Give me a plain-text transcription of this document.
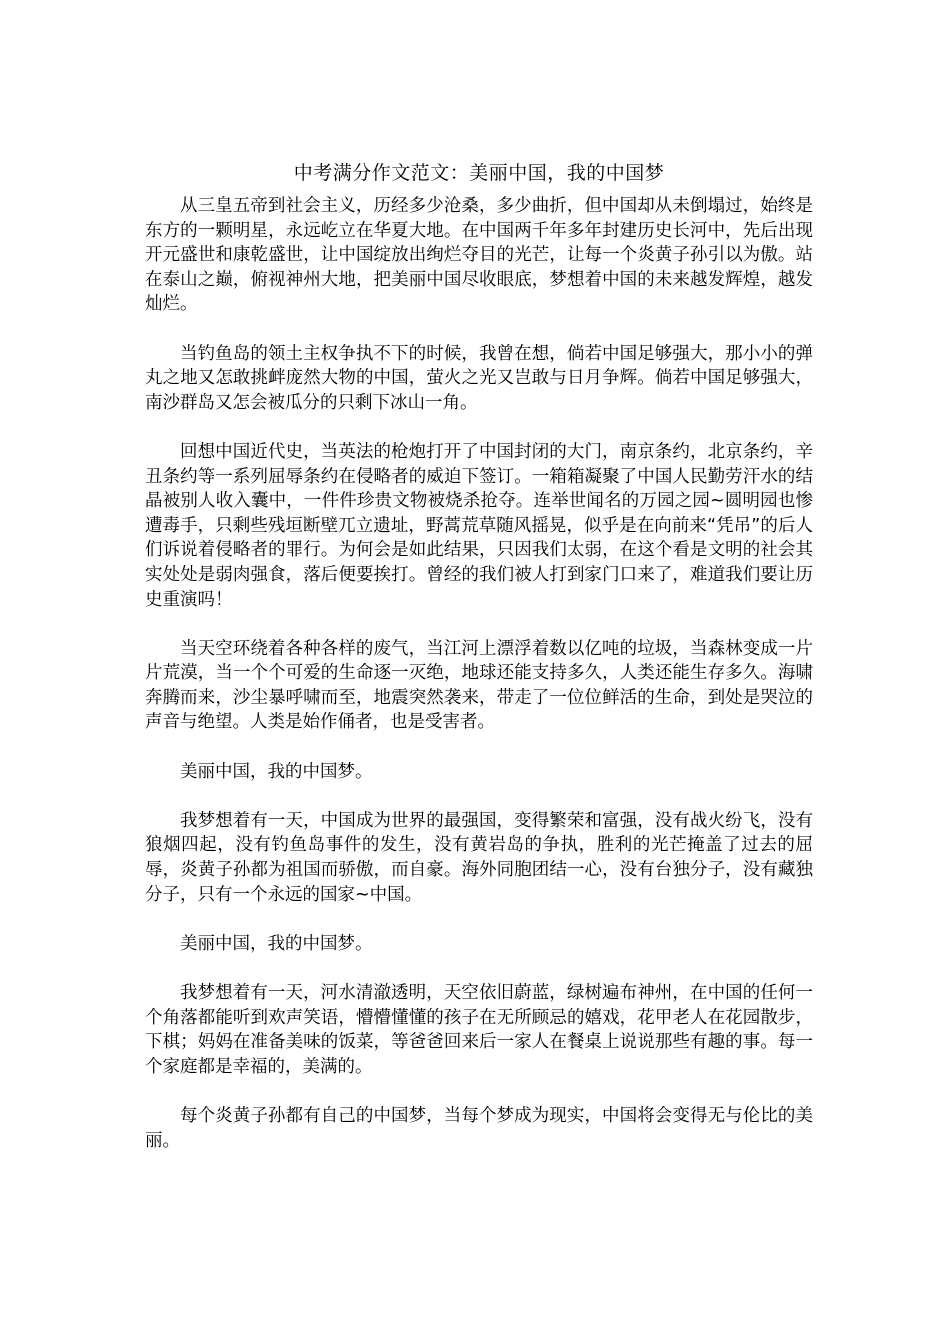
中考满分作文范文：美丽中国，我的中国梦

从三皇五帝到社会主义，历经多少沧桑，多少曲折，但中国却从未倒塌过，始终是东方的一颗明星，永远屹立在华夏大地。在中国两千年多年封建历史长河中，先后出现开元盛世和康乾盛世，让中国绽放出绚烂夺目的光芒，让每一个炎黄子孙引以为傲。站在泰山之巅，俯视神州大地，把美丽中国尽收眼底，梦想着中国的未来越发辉煌，越发灿烂。

当钓鱼岛的领土主权争执不下的时候，我曾在想，倘若中国足够强大，那小小的弹丸之地又怎敢挑衅庞然大物的中国，萤火之光又岂敢与日月争辉。倘若中国足够强大，南沙群岛又怎会被瓜分的只剩下冰山一角。

回想中国近代史，当英法的枪炮打开了中国封闭的大门，南京条约，北京条约，辛丑条约等一系列屈辱条约在侵略者的威迫下签订。一箱箱凝聚了中国人民勤劳汗水的结晶被别人收入囊中，一件件珍贵文物被烧杀抢夺。连举世闻名的万园之园~圆明园也惨遭毒手，只剩些残垣断壁兀立遗址，野蒿荒草随风摇晃，似乎是在向前来“凭吊”的后人们诉说着侵略者的罪行。为何会是如此结果，只因我们太弱，在这个看是文明的社会其实处处是弱肉强食，落后便要挨打。曾经的我们被人打到家门口来了，难道我们要让历史重演吗！

当天空环绕着各种各样的废气，当江河上漂浮着数以亿吨的垃圾，当森林变成一片片荒漠，当一个个可爱的生命逐一灭绝，地球还能支持多久，人类还能生存多久。海啸奔腾而来，沙尘暴呼啸而至，地震突然袭来，带走了一位位鲜活的生命，到处是哭泣的声音与绝望。人类是始作俑者，也是受害者。

美丽中国，我的中国梦。

我梦想着有一天，中国成为世界的最强国，变得繁荣和富强，没有战火纷飞，没有狼烟四起，没有钓鱼岛事件的发生，没有黄岩岛的争执，胜利的光芒掩盖了过去的屈辱，炎黄子孙都为祖国而骄傲，而自豪。海外同胞团结一心，没有台独分子，没有藏独分子，只有一个永远的国家~中国。

美丽中国，我的中国梦。

我梦想着有一天，河水清澈透明，天空依旧蔚蓝，绿树遍布神州，在中国的任何一个角落都能听到欢声笑语，懵懵懂懂的孩子在无所顾忌的嬉戏，花甲老人在花园散步，下棋；妈妈在准备美味的饭菜，等爸爸回来后一家人在餐桌上说说那些有趣的事。每一个家庭都是幸福的，美满的。

每个炎黄子孙都有自己的中国梦，当每个梦成为现实，中国将会变得无与伦比的美丽。
